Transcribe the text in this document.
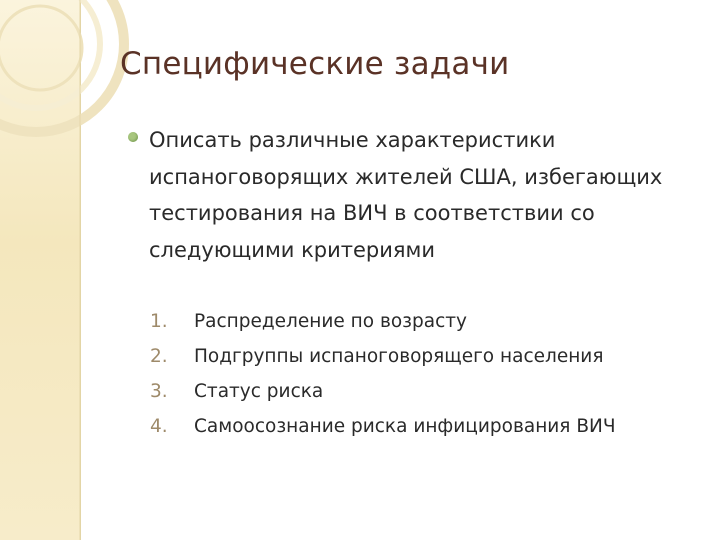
Специфические задачи
Описать различные характеристики испаноговорящих жителей США, избегающих тестирования на ВИЧ в соответствии со следующими критериями
1.	Распределение по возрасту
2.	Подгруппы испаноговорящего населения
3.	Статус риска
4.	Самоосознание риска инфицирования ВИЧ
